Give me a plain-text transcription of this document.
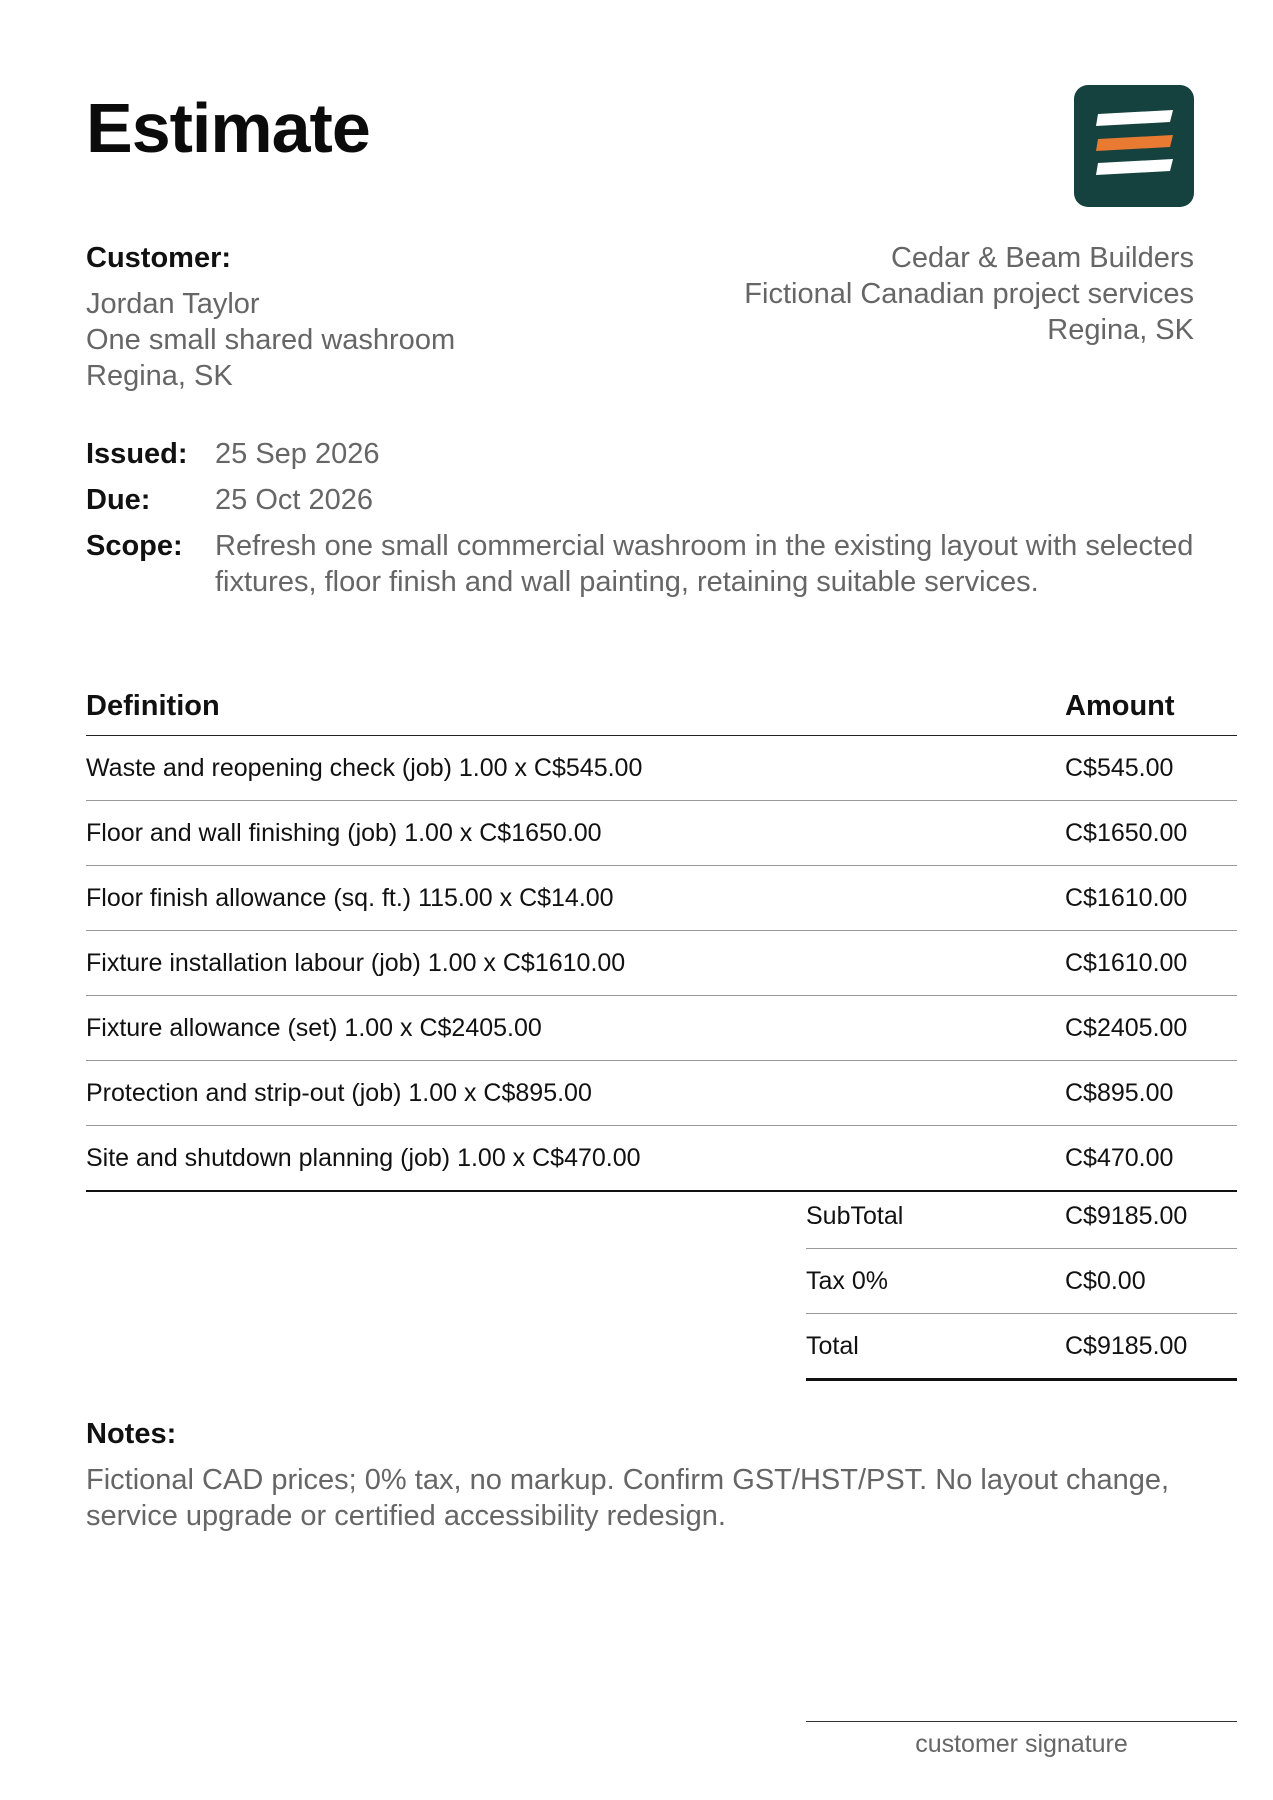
Estimate
Customer:
Jordan Taylor
One small shared washroom
Regina, SK
Cedar & Beam Builders
Fictional Canadian project services
Regina, SK
Issued: 25 Sep 2026
Due:	25 Oct 2026
Scope:	Refresh one small commercial washroom in the existing layout with selected fixtures, floor finish and wall painting, retaining suitable services.
Definition	Amount
Waste and reopening check (job) 1.00 x C$545.00	C$545.00
Floor and wall finishing (job) 1.00 x C$1650.00	C$1650.00
Floor finish allowance (sq. ft.) 115.00 x C$14.00	C$1610.00
Fixture installation labour (job) 1.00 x C$1610.00	C$1610.00
Fixture allowance (set) 1.00 x C$2405.00	C$2405.00
Protection and strip-out (job) 1.00 x C$895.00	C$895.00
Site and shutdown planning (job) 1.00 x C$470.00	C$470.00
SubTotal	C$9185.00
Tax 0%	C$0.00
Total	C$9185.00
Notes:
Fictional CAD prices; 0% tax, no markup. Confirm GST/HST/PST. No layout change, service upgrade or certified accessibility redesign.
customer signature
